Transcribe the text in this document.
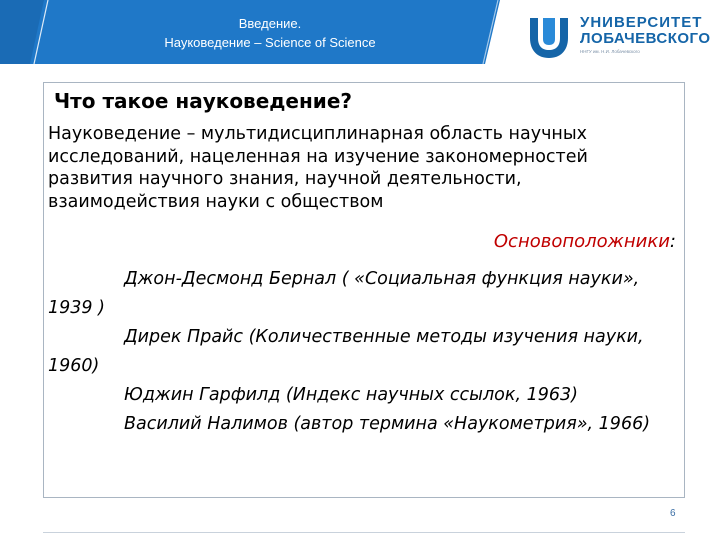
Введение.
Науковедение – Science of Science
УНИВЕРСИТЕТ
ЛОБАЧЕВСКОГО
ННГУ им. Н.И. Лобачевского
Что такое науковедение?
Науковедение – мультидисциплинарная область научных исследований, нацеленная на изучение закономерностей развития научного знания, научной деятельности, взаимодействия науки с обществом
Основоположники:
Джон-Десмонд Бернал ( «Социальная функция науки», 1939 )
Дирек Прайс (Количественные методы изучения науки, 1960)
Юджин Гарфилд (Индекс научных ссылок, 1963)
Василий Налимов (автор термина «Наукометрия», 1966)
6
